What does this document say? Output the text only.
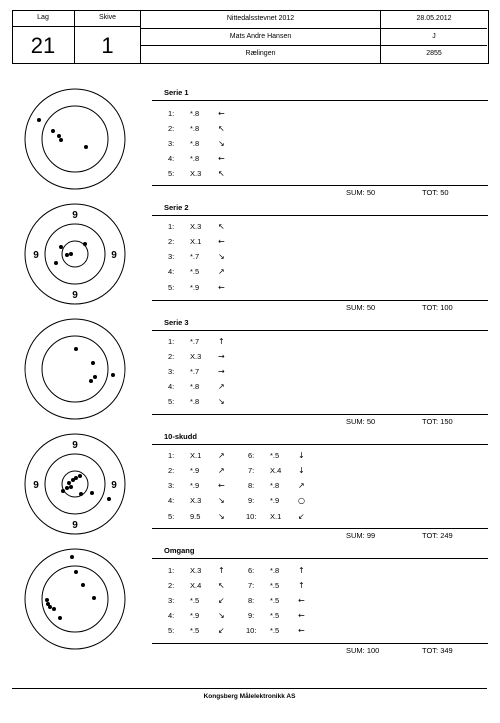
Lag
21
Skive
1
Nittedalsstevnet 2012	28.05.2012
Mats Andre Hansen	J
Rælingen	2855
9
9
9	9
9
9
9	9
Serie 1
1: *.8 ←
2: *.8 ↖
3: *.8 ↘
4: *.8 ←
5: X.3 ↖
SUM: 50	TOT: 50
Serie 2
1: X.3 ↖
2: X.1 ←
3: *.7 ↘
4: *.5 ↗
5: *.9 ←
SUM: 50	TOT: 100
Serie 3
1: *.7 ↑
2: X.3 →
3: *.7 →
4: *.8 ↗
5: *.8 ↘
SUM: 50	TOT: 150
10-skudd
1: X.1 ↗	6: *.5 ↓
2: *.9 ↗	7: X.4 ↓
3: *.9 ←	8: *.8 ↗
4: X.3 ↘	9: *.9 ○
5: 9.5 ↘	10: X.1 ↙
SUM: 99	TOT: 249
Omgang
1: X.3 ↑	6: *.8 ↑
2: X.4 ↖	7: *.5 ↑
3: *.5 ↙	8: *.5 ←
4: *.9 ↘	9: *.5 ←
5: *.5 ↙	10: *.5 ←
SUM: 100	TOT: 349
Kongsberg Målelektronikk AS
